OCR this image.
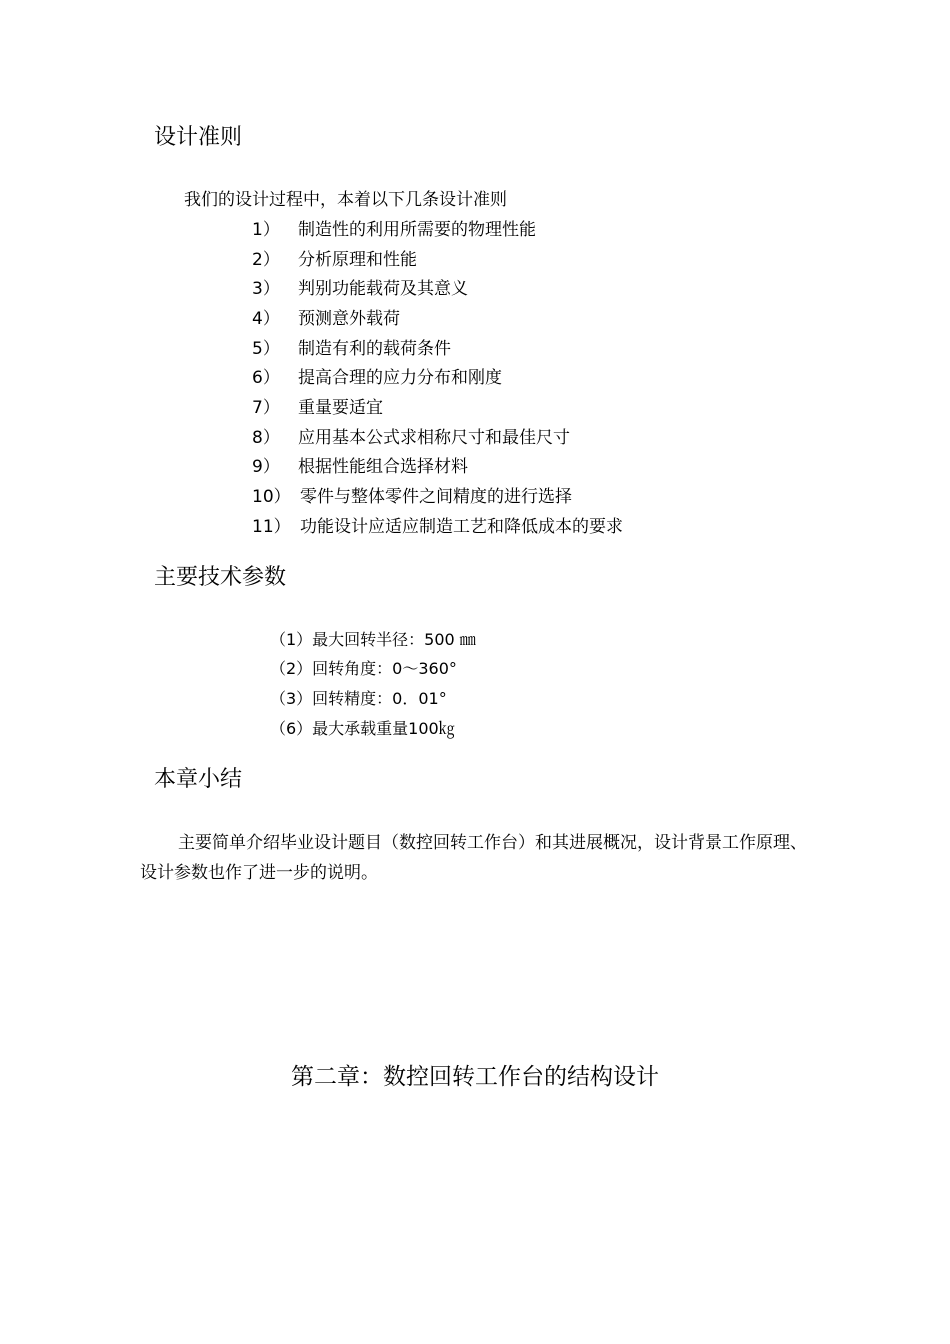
设计准则
我们的设计过程中，本着以下几条设计准则
1） 制造性的利用所需要的物理性能
2） 分析原理和性能
3） 判别功能载荷及其意义
4） 预测意外载荷
5） 制造有利的载荷条件
6） 提高合理的应力分布和刚度
7） 重量要适宜
8） 应用基本公式求相称尺寸和最佳尺寸
9） 根据性能组合选择材料
10） 零件与整体零件之间精度的进行选择
11） 功能设计应适应制造工艺和降低成本的要求
主要技术参数
（1）最大回转半径：500 ㎜
（2）回转角度：0～360°
（3）回转精度：0．01°
（6）最大承载重量100㎏
本章小结
主要简单介绍毕业设计题目（数控回转工作台）和其进展概况，设计背景工作原理、设计参数也作了进一步的说明。
第二章：数控回转工作台的结构设计
